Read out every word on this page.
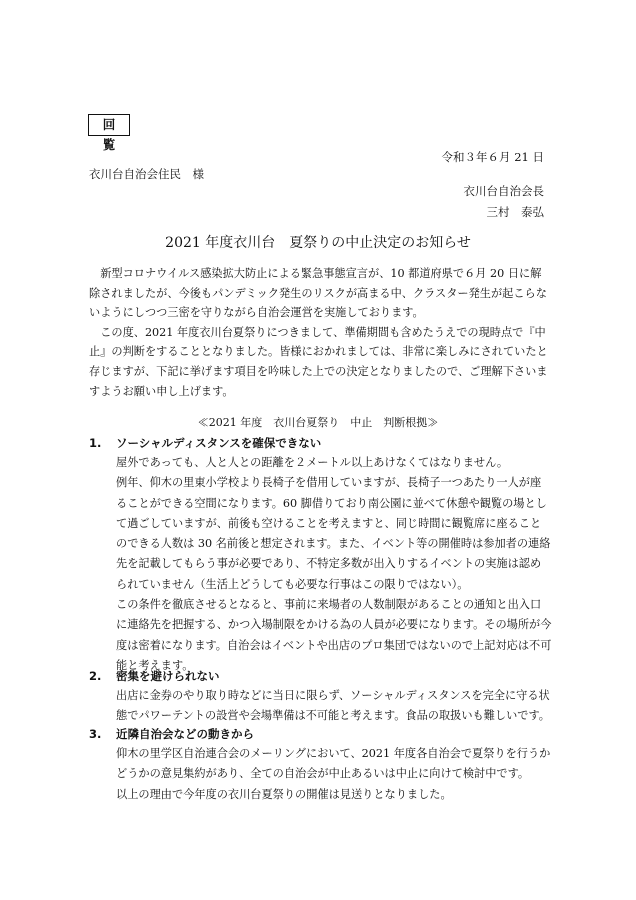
回 覧
令和３年６月 21 日
衣川台自治会住民　様
衣川台自治会長
三村　泰弘
2021 年度衣川台　夏祭りの中止決定のお知らせ

新型コロナウイルス感染拡大防止による緊急事態宣言が、10 都道府県で６月 20 日に解除されましたが、今後もパンデミック発生のリスクが高まる中、クラスター発生が起こらないようにしつつ三密を守りながら自治会運営を実施しております。

この度、2021 年度衣川台夏祭りにつきまして、準備期間も含めたうえでの現時点で『中止』の判断をすることとなりました。皆様におかれましては、非常に楽しみにされていたと存じますが、下記に挙げます項目を吟味した上での決定となりましたので、ご理解下さいますようお願い申し上げます。

≪2021 年度　衣川台夏祭り　中止　判断根拠≫
1. ソーシャルディスタンスを確保できない

屋外であっても、人と人との距離を２メートル以上あけなくてはなりません。

例年、仰木の里東小学校より長椅子を借用していますが、長椅子一つあたり一人が座ることができる空間になります。60 脚借りており南公園に並べて休憩や観覧の場として過ごしていますが、前後も空けることを考えますと、同じ時間に観覧席に座ることのできる人数は 30 名前後と想定されます。また、イベント等の開催時は参加者の連絡先を記載してもらう事が必要であり、不特定多数が出入りするイベントの実施は認められていません（生活上どうしても必要な行事はこの限りではない）。

この条件を徹底させるとなると、事前に来場者の人数制限があることの通知と出入口に連絡先を把握する、かつ入場制限をかける為の人員が必要になります。その場所が今度は密着になります。自治会はイベントや出店のプロ集団ではないので上記対応は不可能と考えます。

2. 密集を避けられない

出店に金券のやり取り時などに当日に限らず、ソーシャルディスタンスを完全に守る状態でパワーテントの設営や会場準備は不可能と考えます。食品の取扱いも難しいです。

3. 近隣自治会などの動きから

仰木の里学区自治連合会のメーリングにおいて、2021 年度各自治会で夏祭りを行うかどうかの意見集約があり、全ての自治会が中止あるいは中止に向けて検討中です。

以上の理由で今年度の衣川台夏祭りの開催は見送りとなりました。
